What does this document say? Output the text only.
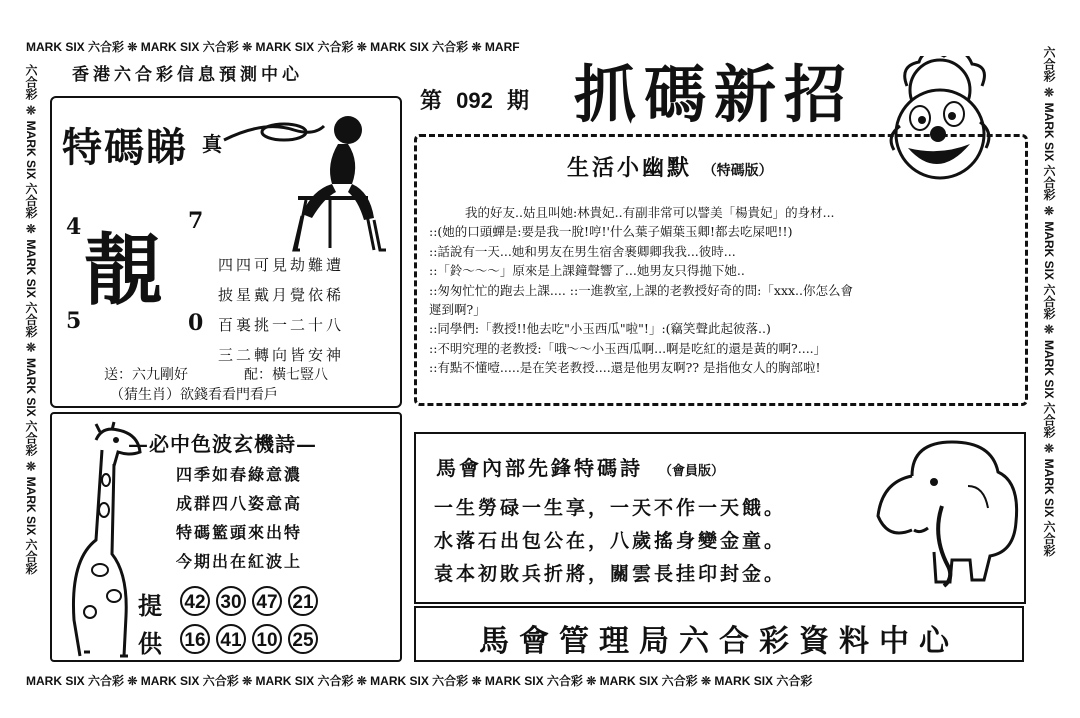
MARK SIX 六合彩 ❊ MARK SIX 六合彩 ❊ MARK SIX 六合彩 ❊ MARK SIX 六合彩 ❊ MARF
MARK SIX 六合彩 ❊ MARK SIX 六合彩 ❊ MARK SIX 六合彩 ❊ MARK SIX 六合彩 ❊ MARK SIX 六合彩 ❊ MARK SIX 六合彩 ❊ MARK SIX 六合彩
六合彩 ❊ MARK SIX 六合彩 ❊ MARK SIX 六合彩 ❊ MARK SIX 六合彩 ❊ MARK SIX 六合彩	六合彩 ❊ MARK SIX 六合彩 ❊ MARK SIX 六合彩 ❊ MARK SIX 六合彩 ❊ MARK SIX 六合彩
香港六合彩信息預測中心
第 092 期 抓碼新招
特碼睇 真
4	7
5	0
靚	四四可見劫難遭
披星戴月覺依稀
百裏挑一二十八
三二轉向皆安神
送：六九剛好	配：橫七豎八
（猜生肖）欲錢看看門看戶
生活小幽默 （特碼版）
我的好友..姑且叫她:林貴妃..有副非常可以譬美「楊貴妃」的身材...
::(她的口頭蟬是:要是我一脫!哼!'什么葉子媚葉玉卿!都去吃屎吧!!)
::話說有一天...她和男友在男生宿舍裹卿卿我我...彼時...
::「鈴～～～」原來是上課鐘聲響了...她男友只得拋下她..
::匆匆忙忙的跑去上課.... ::一進教室,上課的老教授好奇的問:「xxx..你怎么會
遲到啊?」
::同學們:「教授!!他去吃"小玉西瓜"啦"!」:(竊笑聲此起彼落..)
::不明究理的老教授:「哦～～小玉西瓜啊...啊是吃紅的還是黃的啊?....」
::有點不懂噎.....是在笑老教授....還是他男友啊?? 是指他女人的胸部啦!
—必中色波玄機詩—
四季如春綠意濃
成群四八姿意高
特碼籃頭來出特
今期出在紅波上
提
供
42 30 47 21
16 41 10 25
馬會內部先鋒特碼詩 （會員版）
一生勞碌一生享，一天不作一天餓。
水落石出包公在，八歲搖身變金童。
袁本初敗兵折將，關雲長挂印封金。
馬會管理局六合彩資料中心
